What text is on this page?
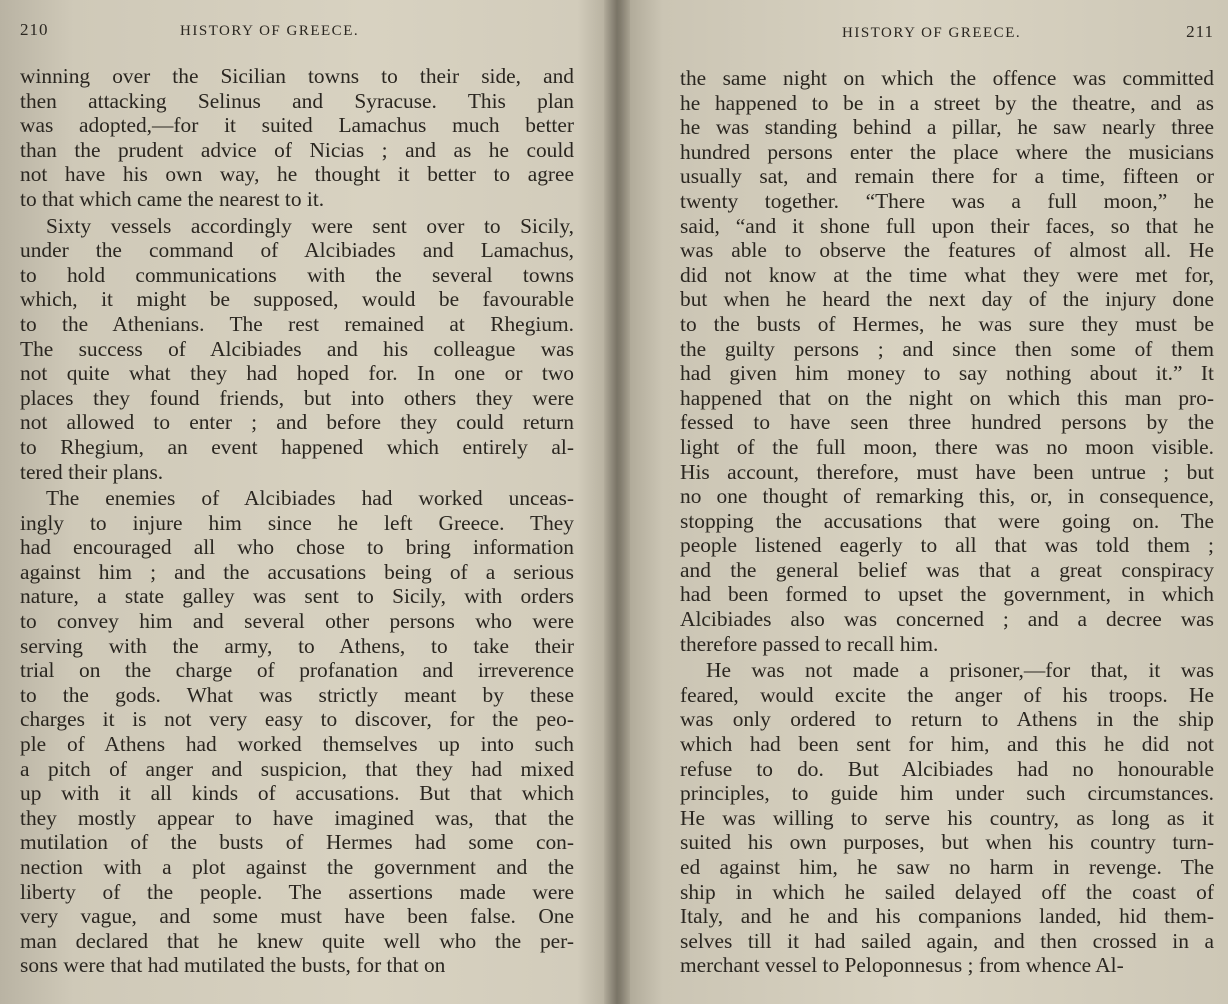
210	HISTORY OF GREECE.

winning over the Sicilian towns to their side, and
then attacking Selinus and Syracuse. This plan
was adopted,—for it suited Lamachus much better
than the prudent advice of Nicias ; and as he could
not have his own way, he thought it better to agree
to that which came the nearest to it.

Sixty vessels accordingly were sent over to Sicily,
under the command of Alcibiades and Lamachus,
to hold communications with the several towns
which, it might be supposed, would be favourable
to the Athenians. The rest remained at Rhegium.
The success of Alcibiades and his colleague was
not quite what they had hoped for. In one or two
places they found friends, but into others they were
not allowed to enter ; and before they could return
to Rhegium, an event happened which entirely al-
tered their plans.

The enemies of Alcibiades had worked unceas-
ingly to injure him since he left Greece. They
had encouraged all who chose to bring information
against him ; and the accusations being of a serious
nature, a state galley was sent to Sicily, with orders
to convey him and several other persons who were
serving with the army, to Athens, to take their
trial on the charge of profanation and irreverence
to the gods. What was strictly meant by these
charges it is not very easy to discover, for the peo-
ple of Athens had worked themselves up into such
a pitch of anger and suspicion, that they had mixed
up with it all kinds of accusations. But that which
they mostly appear to have imagined was, that the
mutilation of the busts of Hermes had some con-
nection with a plot against the government and the
liberty of the people. The assertions made were
very vague, and some must have been false. One
man declared that he knew quite well who the per-
sons were that had mutilated the busts, for that on

HISTORY OF GREECE.	211

the same night on which the offence was committed
he happened to be in a street by the theatre, and as
he was standing behind a pillar, he saw nearly three
hundred persons enter the place where the musicians
usually sat, and remain there for a time, fifteen or
twenty together. “There was a full moon,” he
said, “and it shone full upon their faces, so that he
was able to observe the features of almost all. He
did not know at the time what they were met for,
but when he heard the next day of the injury done
to the busts of Hermes, he was sure they must be
the guilty persons ; and since then some of them
had given him money to say nothing about it.” It
happened that on the night on which this man pro-
fessed to have seen three hundred persons by the
light of the full moon, there was no moon visible.
His account, therefore, must have been untrue ; but
no one thought of remarking this, or, in consequence,
stopping the accusations that were going on. The
people listened eagerly to all that was told them ;
and the general belief was that a great conspiracy
had been formed to upset the government, in which
Alcibiades also was concerned ; and a decree was
therefore passed to recall him.

He was not made a prisoner,—for that, it was
feared, would excite the anger of his troops. He
was only ordered to return to Athens in the ship
which had been sent for him, and this he did not
refuse to do. But Alcibiades had no honourable
principles, to guide him under such circumstances.
He was willing to serve his country, as long as it
suited his own purposes, but when his country turn-
ed against him, he saw no harm in revenge. The
ship in which he sailed delayed off the coast of
Italy, and he and his companions landed, hid them-
selves till it had sailed again, and then crossed in a
merchant vessel to Peloponnesus ; from whence Al-
